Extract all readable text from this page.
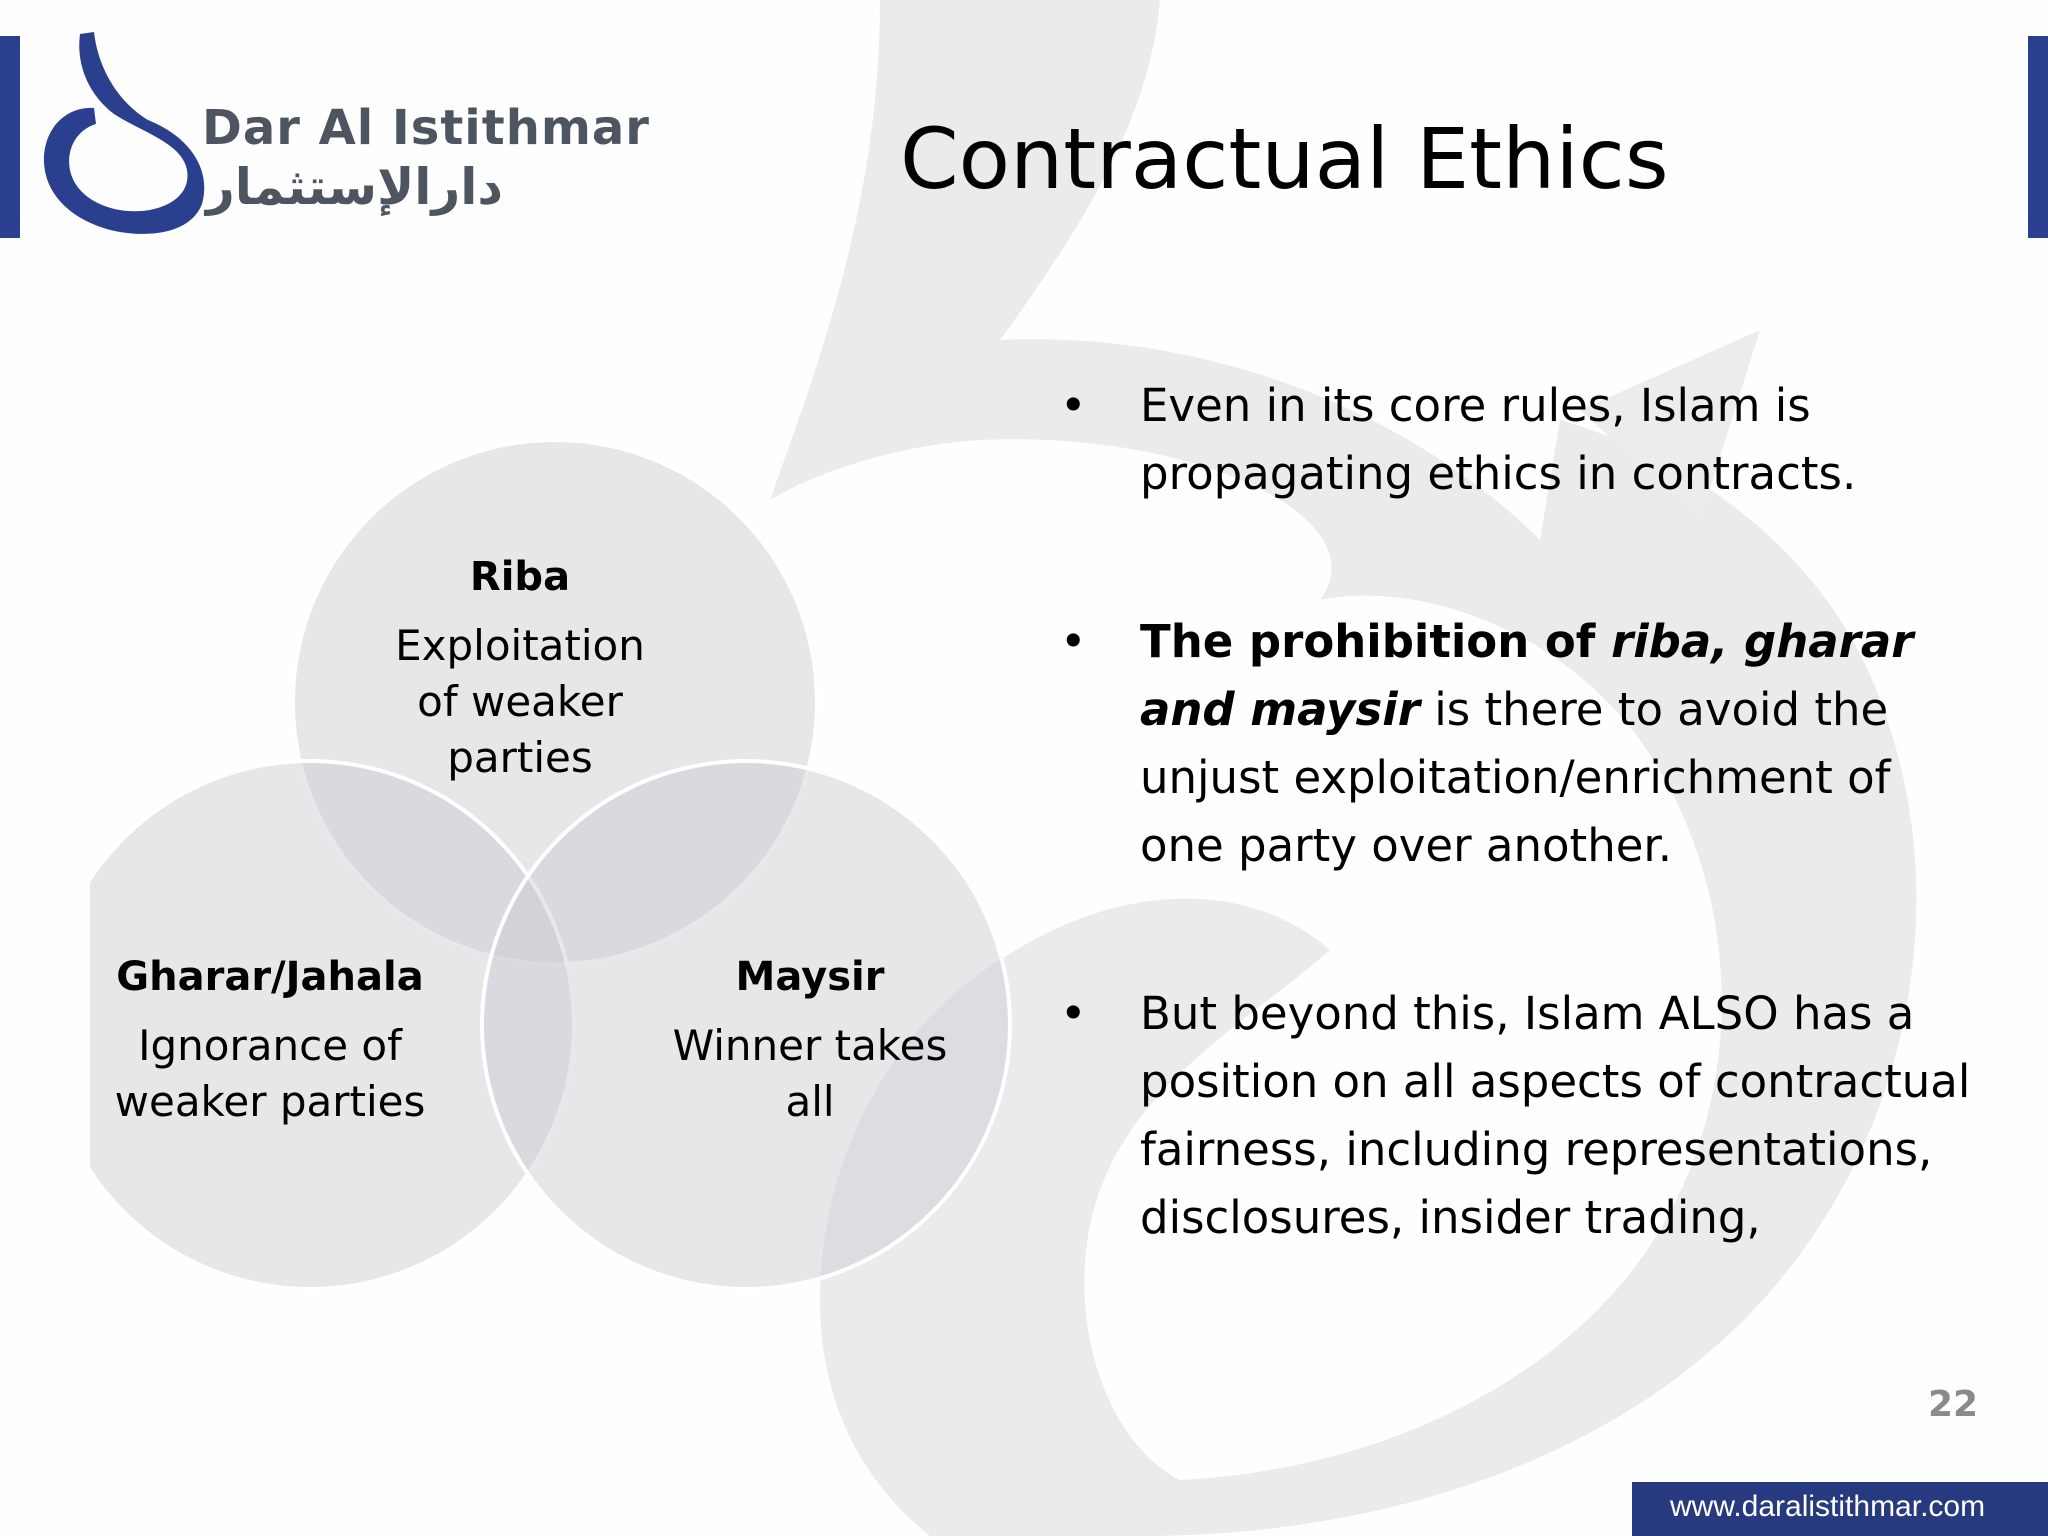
Dar Al Istithmar
دارالإستثمار	Contractual Ethics
Riba
Exploitation of weaker parties
Gharar/Jahala
Ignorance of weaker parties
Maysir
Winner takes all
• Even in its core rules, Islam is propagating ethics in contracts.
• The prohibition of riba, gharar and maysir is there to avoid the unjust exploitation/enrichment of one party over another.
• But beyond this, Islam ALSO has a position on all aspects of contractual fairness, including representations, disclosures, insider trading,
22
www.daralistithmar.com
